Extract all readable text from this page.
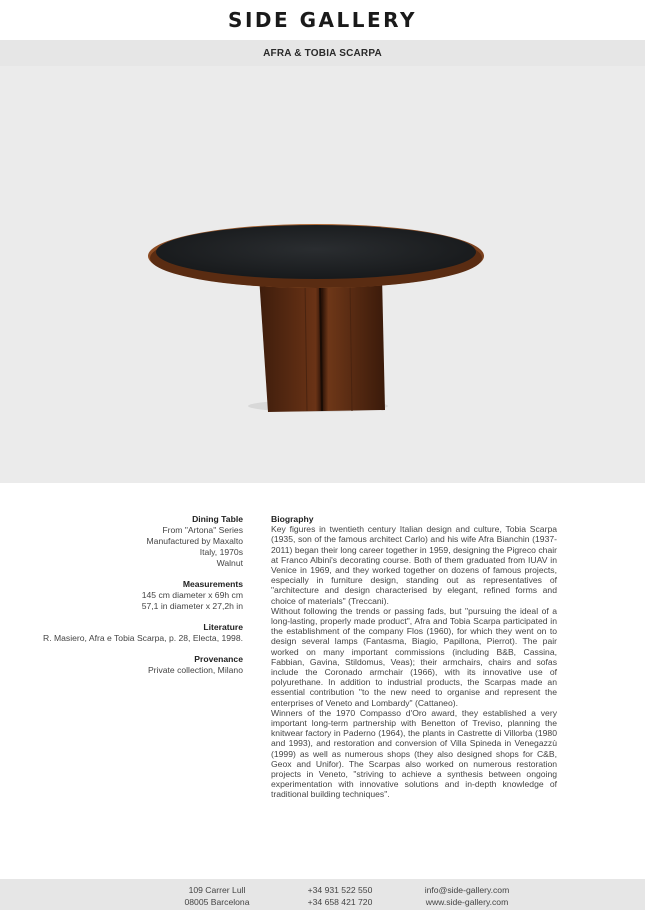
SIDE GALLERY
AFRA & TOBIA SCARPA
Dining Table
From "Artona" Series
Manufactured by Maxalto
Italy, 1970s
Walnut
Measurements
145 cm diameter x 69h cm
57,1 in diameter x 27,2h in
Literature
R. Masiero, Afra e Tobia Scarpa, p. 28, Electa, 1998.
Provenance
Private collection, Milano
Biography

Key figures in twentieth century Italian design and culture, Tobia Scarpa (1935, son of the famous architect Carlo) and his wife Afra Bianchin (1937-2011) began their long career together in 1959, designing the Pigreco chair at Franco Albini's decorating course. Both of them graduated from IUAV in Venice in 1969, and they worked together on dozens of famous projects, especially in furniture design, standing out as representatives of "architecture and design characterised by elegant, refined forms and choice of materials" (Treccani).

Without following the trends or passing fads, but "pursuing the ideal of a long-lasting, properly made product", Afra and Tobia Scarpa participated in the establishment of the company Flos (1960), for which they went on to design several lamps (Fantasma, Biagio, Papillona, Pierrot). The pair worked on many important commissions (including B&B, Cassina, Fabbian, Gavina, Stildomus, Veas); their armchairs, chairs and sofas include the Coronado armchair (1966), with its innovative use of polyurethane. In addition to industrial products, the Scarpas made an essential contribution "to the new need to organise and represent the enterprises of Veneto and Lombardy" (Cattaneo).

Winners of the 1970 Compasso d'Oro award, they established a very important long-term partnership with Benetton of Treviso, planning the knitwear factory in Paderno (1964), the plants in Castrette di Villorba (1980 and 1993), and restoration and conversion of Villa Spineda in Venegazzù (1999) as well as numerous shops (they also designed shops for C&B, Geox and Unifor). The Scarpas also worked on numerous restoration projects in Veneto, "striving to achieve a synthesis between ongoing experimentation with innovative solutions and in-depth knowledge of traditional building techniques".

109 Carrer Lull
08005 Barcelona
+34 931 522 550
+34 658 421 720
info@side-gallery.com
www.side-gallery.com
